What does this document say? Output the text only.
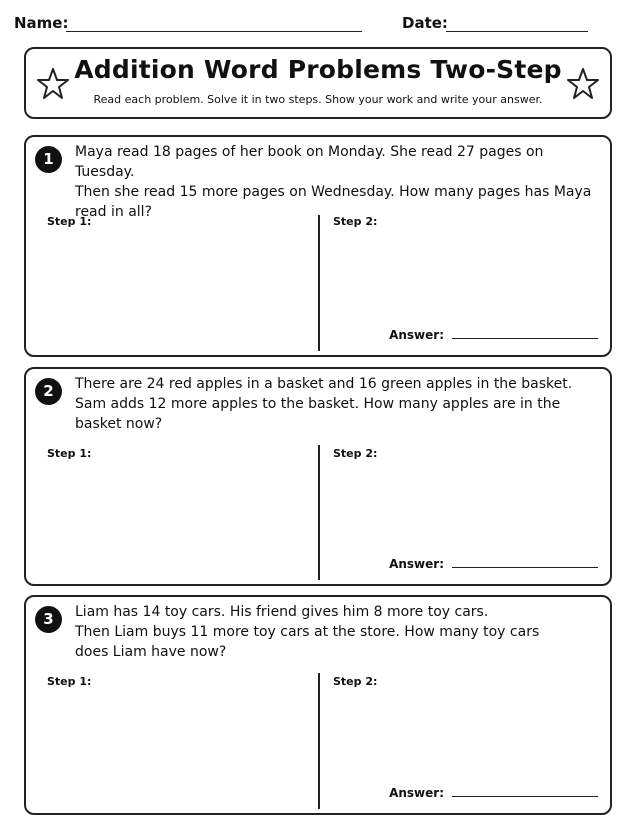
Name:	Date:
Addition Word Problems Two-Step
Read each problem. Solve it in two steps. Show your work and write your answer.
1	Maya read 18 pages of her book on Monday. She read 27 pages on Tuesday.
Then she read 15 more pages on Wednesday. How many pages has Maya
read in all?
Step 1:	Step 2:
Answer:
2	There are 24 red apples in a basket and 16 green apples in the basket.
Sam adds 12 more apples to the basket. How many apples are in the
basket now?
Step 1:	Step 2:
Answer:
3	Liam has 14 toy cars. His friend gives him 8 more toy cars.
Then Liam buys 11 more toy cars at the store. How many toy cars
does Liam have now?
Step 1:	Step 2:
Answer:
